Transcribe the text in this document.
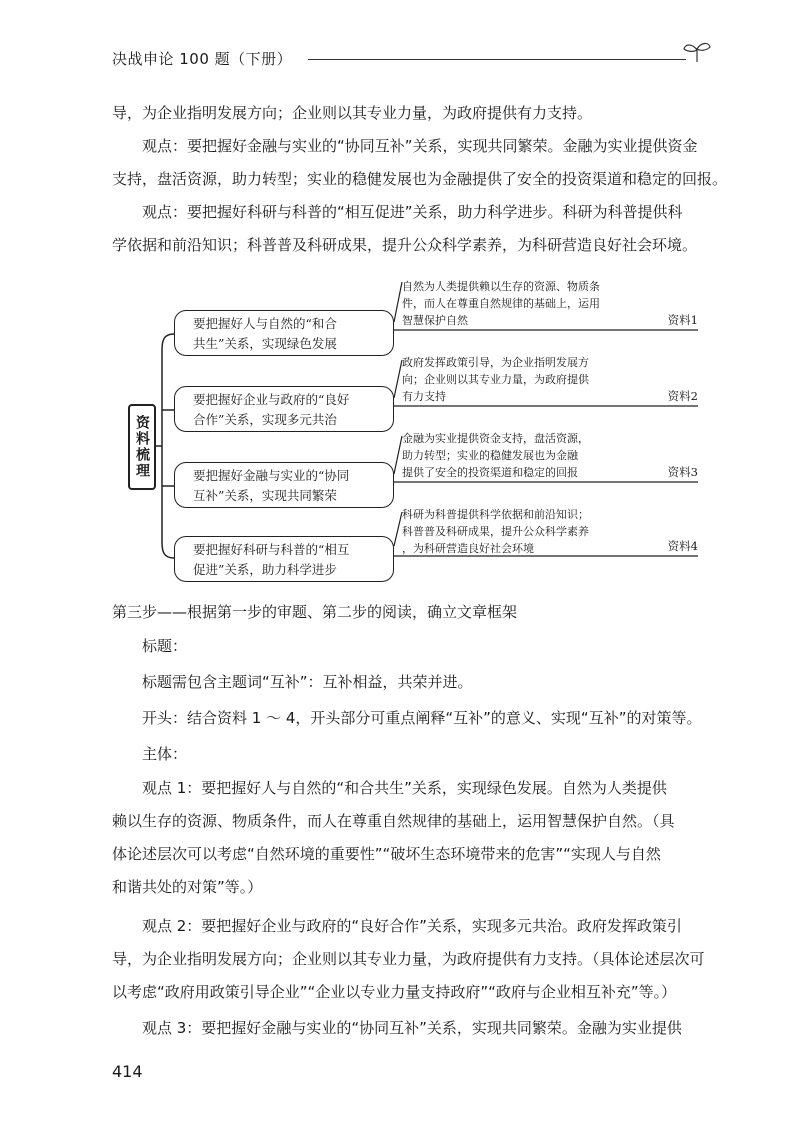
决战申论 100 题（下册）

导，为企业指明发展方向；企业则以其专业力量，为政府提供有力支持。

　　观点：要把握好金融与实业的“协同互补”关系，实现共同繁荣。金融为实业提供资金
支持，盘活资源，助力转型；实业的稳健发展也为金融提供了安全的投资渠道和稳定的回报。

　　观点：要把握好科研与科普的“相互促进”关系，助力科学进步。科研为科普提供科
学依据和前沿知识；科普普及科研成果，提升公众科学素养，为科研营造良好社会环境。

资料梳理
要把握好人与自然的“和合
共生”关系，实现绿色发展
自然为人类提供赖以生存的资源、物质条
件，而人在尊重自然规律的基础上，运用
智慧保护自然	资料1
要把握好企业与政府的“良好
合作”关系，实现多元共治
政府发挥政策引导，为企业指明发展方
向；企业则以其专业力量，为政府提供
有力支持	资料2
要把握好金融与实业的“协同
互补”关系，实现共同繁荣
金融为实业提供资金支持，盘活资源，
助力转型；实业的稳健发展也为金融
提供了安全的投资渠道和稳定的回报	资料3
要把握好科研与科普的“相互
促进”关系，助力科学进步
科研为科普提供科学依据和前沿知识；
科普普及科研成果，提升公众科学素养
，为科研营造良好社会环境	资料4

第三步——根据第一步的审题、第二步的阅读，确立文章框架

　　标题：

　　标题需包含主题词“互补”：互补相益，共荣并进。

　　开头：结合资料 1 ～ 4，开头部分可重点阐释“互补”的意义、实现“互补”的对策等。

　　主体：

　　观点 1：要把握好人与自然的“和合共生”关系，实现绿色发展。自然为人类提供
赖以生存的资源、物质条件，而人在尊重自然规律的基础上，运用智慧保护自然。（具
体论述层次可以考虑“自然环境的重要性”“破坏生态环境带来的危害”“实现人与自然
和谐共处的对策”等。）

　　观点 2：要把握好企业与政府的“良好合作”关系，实现多元共治。政府发挥政策引
导，为企业指明发展方向；企业则以其专业力量，为政府提供有力支持。（具体论述层次可
以考虑“政府用政策引导企业”“企业以专业力量支持政府”“政府与企业相互补充”等。）

　　观点 3：要把握好金融与实业的“协同互补”关系，实现共同繁荣。金融为实业提供

414
